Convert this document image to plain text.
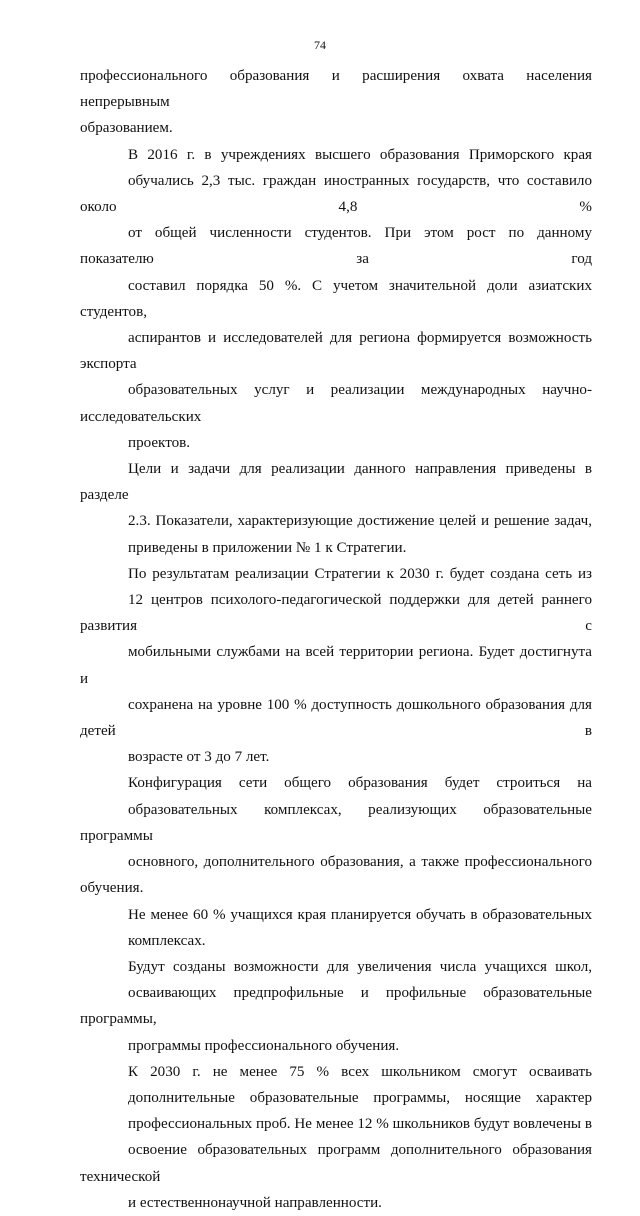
74

профессионального образования и расширения охвата населения непрерывным
образованием.

В 2016 г. в учреждениях высшего образования Приморского края
обучались 2,3 тыс. граждан иностранных государств, что составило около 4,8 %
от общей численности студентов. При этом рост по данному показателю за год
составил порядка 50 %. С учетом значительной доли азиатских студентов,
аспирантов и исследователей для региона формируется возможность экспорта
образовательных услуг и реализации международных научно-исследовательских
проектов.

Цели и задачи для реализации данного направления приведены в разделе
2.3. Показатели, характеризующие достижение целей и решение задач,
приведены в приложении № 1 к Стратегии.

По результатам реализации Стратегии к 2030 г. будет создана сеть из
12 центров психолого-педагогической поддержки для детей раннего развития с
мобильными службами на всей территории региона. Будет достигнута и
сохранена на уровне 100 % доступность дошкольного образования для детей в
возрасте от 3 до 7 лет.

Конфигурация сети общего образования будет строиться на
образовательных комплексах, реализующих образовательные программы
основного, дополнительного образования, а также профессионального обучения.
Не менее 60 % учащихся края планируется обучать в образовательных
комплексах.

Будут созданы возможности для увеличения числа учащихся школ,
осваивающих предпрофильные и профильные образовательные программы,
программы профессионального обучения.

К 2030 г. не менее 75 % всех школьником смогут осваивать
дополнительные образовательные программы, носящие характер
профессиональных проб. Не менее 12 % школьников будут вовлечены в
освоение образовательных программ дополнительного образования технической
и естественнонаучной направленности.
